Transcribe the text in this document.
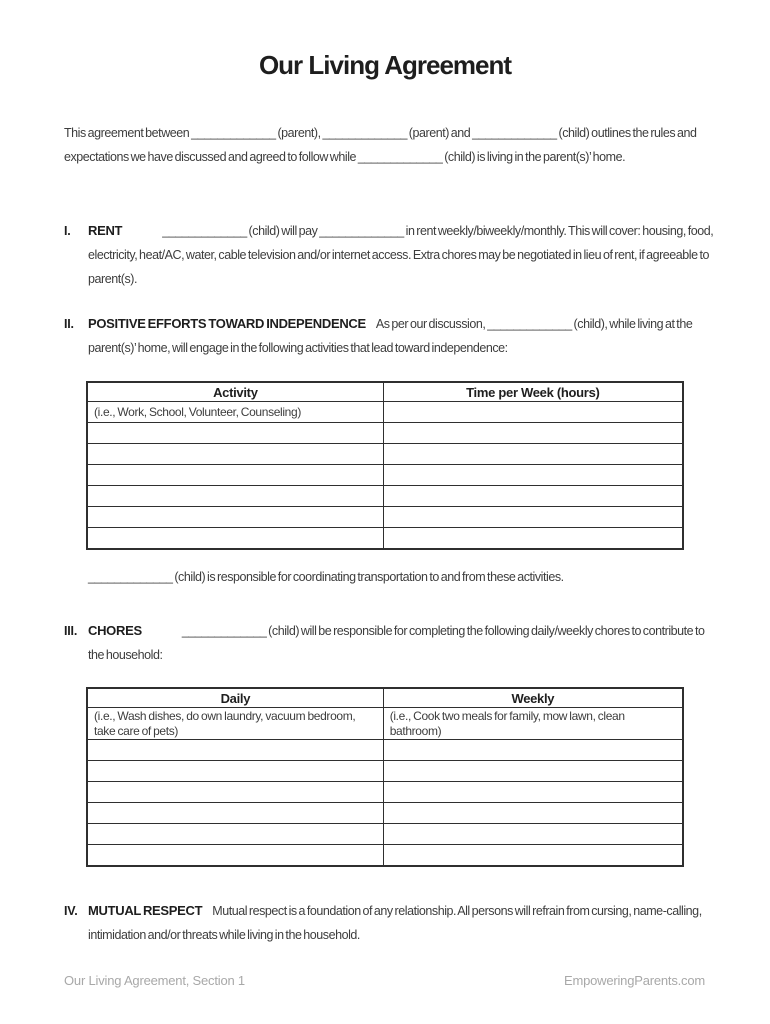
Our Living Agreement

This agreement between _____________ (parent), _____________ (parent) and _____________ (child) outlines the rules and expectations we have discussed and agreed to follow while _____________ (child) is living in the parent(s)’ home.

I. RENT	_____________ (child) will pay _____________ in rent weekly/biweekly/monthly. This will cover: housing, food, electricity, heat/AC, water, cable television and/or internet access. Extra chores may be negotiated in lieu of rent, if agreeable to parent(s).

II. POSITIVE EFFORTS TOWARD INDEPENDENCE As per our discussion, _____________ (child), while living at the parent(s)’ home, will engage in the following activities that lead toward independence:

Activity	Time per Week (hours)
(i.e., Work, School, Volunteer, Counseling)	

_____________ (child) is responsible for coordinating transportation to and from these activities.

III. CHORES	_____________ (child) will be responsible for completing the following daily/weekly chores to contribute to the household:

Daily	Weekly
(i.e., Wash dishes, do own laundry, vacuum bedroom, take care of pets)	(i.e., Cook two meals for family, mow lawn, clean bathroom)

IV. MUTUAL RESPECT Mutual respect is a foundation of any relationship. All persons will refrain from cursing, name-calling, intimidation and/or threats while living in the household.

Our Living Agreement, Section 1	EmpoweringParents.com
